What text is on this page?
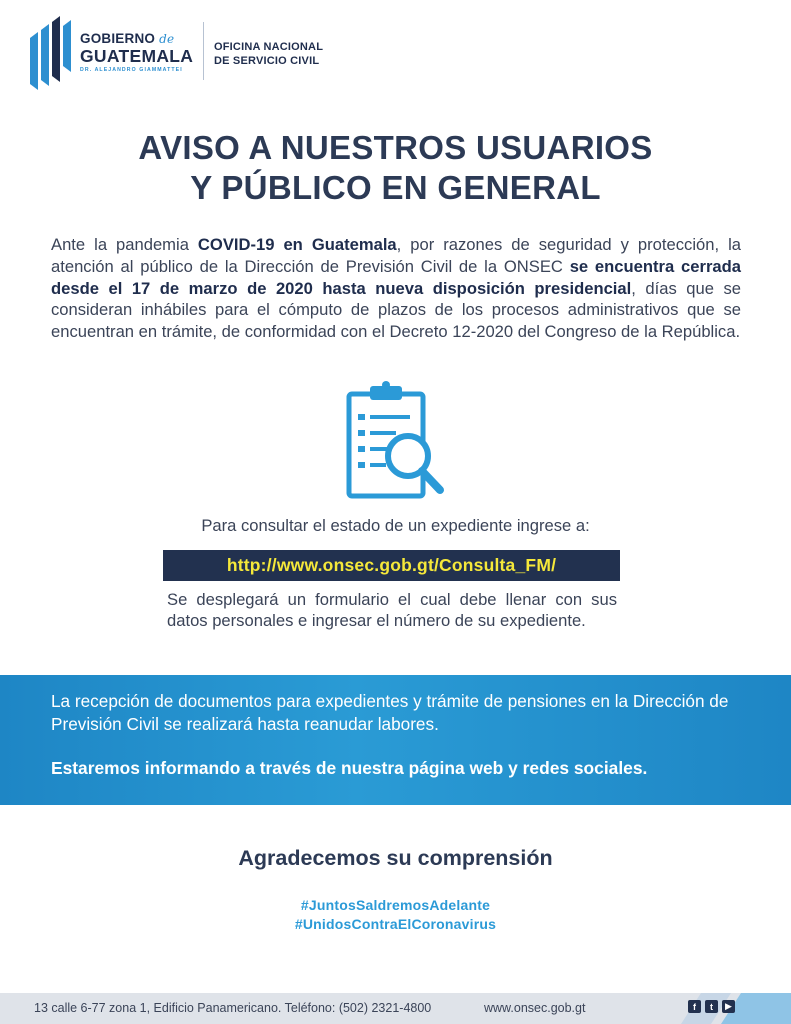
GOBIERNO de
GUATEMALA
DR. ALEJANDRO GIAMMATTEI
OFICINA NACIONAL
DE SERVICIO CIVIL
AVISO A NUESTROS USUARIOS
Y PÚBLICO EN GENERAL

Ante la pandemia COVID-19 en Guatemala, por razones de seguridad y protección, la atención al público de la Dirección de Previsión Civil de la ONSEC se encuentra cerrada desde el 17 de marzo de 2020 hasta nueva disposición presidencial, días que se consideran inhábiles para el cómputo de plazos de los procesos administrativos que se encuentran en trámite, de conformidad con el Decreto 12-2020 del Congreso de la República.

Para consultar el estado de un expediente ingrese a:
http://www.onsec.gob.gt/Consulta_FM/

Se desplegará un formulario el cual debe llenar con sus datos personales e ingresar el número de su expediente.

La recepción de documentos para expedientes y trámite de pensiones en la Dirección de Previsión Civil se realizará hasta reanudar labores.

Estaremos informando a través de nuestra página web y redes sociales.

Agradecemos su comprensión
#JuntosSaldremosAdelante
#UnidosContraElCoronavirus
13 calle 6-77 zona 1, Edificio Panamericano. Teléfono: (502) 2321-4800	www.onsec.gob.gt	f	t	▶
